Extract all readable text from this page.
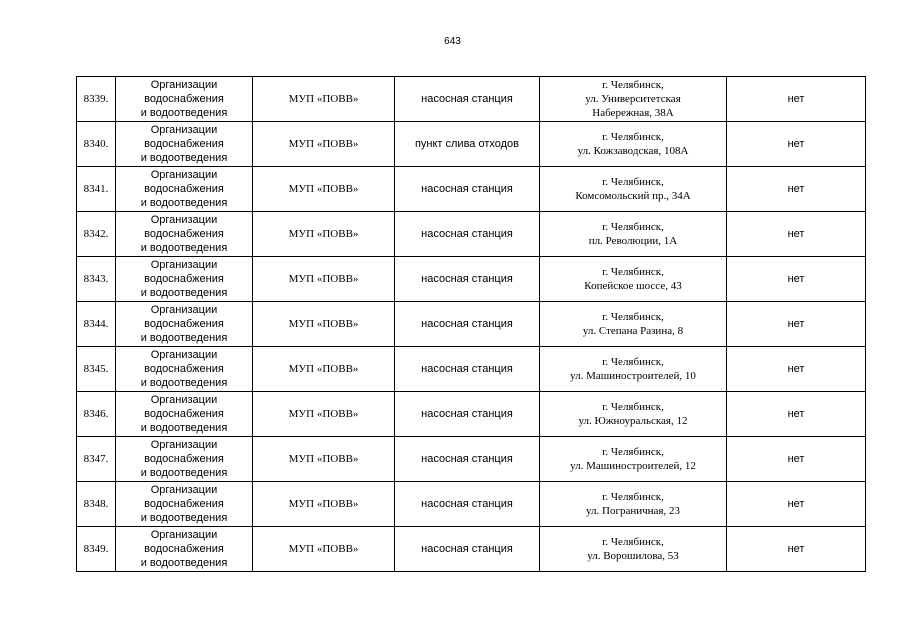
643
8339.	Организации
водоснабжения
и водоотведения	МУП «ПОВВ»	насосная станция	г. Челябинск,
ул. Университетская
Набережная, 38А	нет
8340.	Организации
водоснабжения
и водоотведения	МУП «ПОВВ»	пункт слива отходов	г. Челябинск,
ул. Кожзаводская, 108А	нет
8341.	Организации
водоснабжения
и водоотведения	МУП «ПОВВ»	насосная станция	г. Челябинск,
Комсомольский пр., 34А	нет
8342.	Организации
водоснабжения
и водоотведения	МУП «ПОВВ»	насосная станция	г. Челябинск,
пл. Революции, 1А	нет
8343.	Организации
водоснабжения
и водоотведения	МУП «ПОВВ»	насосная станция	г. Челябинск,
Копейское шоссе, 43	нет
8344.	Организации
водоснабжения
и водоотведения	МУП «ПОВВ»	насосная станция	г. Челябинск,
ул. Степана Разина, 8	нет
8345.	Организации
водоснабжения
и водоотведения	МУП «ПОВВ»	насосная станция	г. Челябинск,
ул. Машиностроителей, 10	нет
8346.	Организации
водоснабжения
и водоотведения	МУП «ПОВВ»	насосная станция	г. Челябинск,
ул. Южноуральская, 12	нет
8347.	Организации
водоснабжения
и водоотведения	МУП «ПОВВ»	насосная станция	г. Челябинск,
ул. Машиностроителей, 12	нет
8348.	Организации
водоснабжения
и водоотведения	МУП «ПОВВ»	насосная станция	г. Челябинск,
ул. Пограничная, 23	нет
8349.	Организации
водоснабжения
и водоотведения	МУП «ПОВВ»	насосная станция	г. Челябинск,
ул. Ворошилова, 53	нет
